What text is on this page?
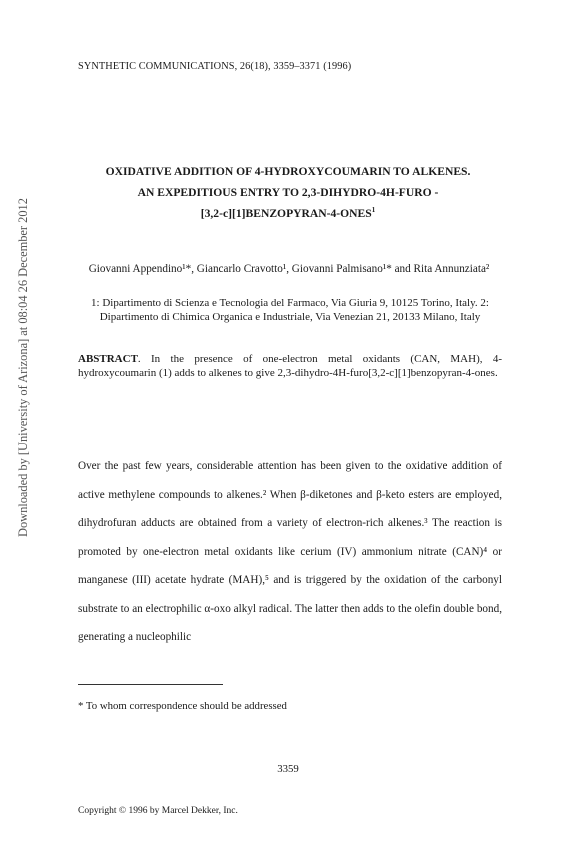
Downloaded by [University of Arizona] at 08:04 26 December 2012
SYNTHETIC COMMUNICATIONS, 26(18), 3359–3371 (1996)
OXIDATIVE ADDITION OF 4-HYDROXYCOUMARIN TO ALKENES.
AN EXPEDITIOUS ENTRY TO 2,3-DIHYDRO-4H-FURO -
[3,2-c][1]BENZOPYRAN-4-ONES$^1$
Giovanni Appendino¹*, Giancarlo Cravotto¹, Giovanni Palmisano¹* and Rita Annunziata²
1: Dipartimento di Scienza e Tecnologia del Farmaco, Via Giuria 9, 10125 Torino, Italy. 2: Dipartimento di Chimica Organica e Industriale, Via Venezian 21, 20133 Milano, Italy
ABSTRACT. In the presence of one-electron metal oxidants (CAN, MAH), 4-hydroxycoumarin (1) adds to alkenes to give 2,3-dihydro-4H-furo[3,2-c][1]benzopyran-4-ones.

Over the past few years, considerable attention has been given to the oxidative addition of active methylene compounds to alkenes.² When β-diketones and β-keto esters are employed, dihydrofuran adducts are obtained from a variety of electron-rich alkenes.³ The reaction is promoted by one-electron metal oxidants like cerium (IV) ammonium nitrate (CAN)⁴ or manganese (III) acetate hydrate (MAH),⁵ and is triggered by the oxidation of the carbonyl substrate to an electrophilic α-oxo alkyl radical. The latter then adds to the olefin double bond, generating a nucleophilic

* To whom correspondence should be addressed
3359
Copyright © 1996 by Marcel Dekker, Inc.
